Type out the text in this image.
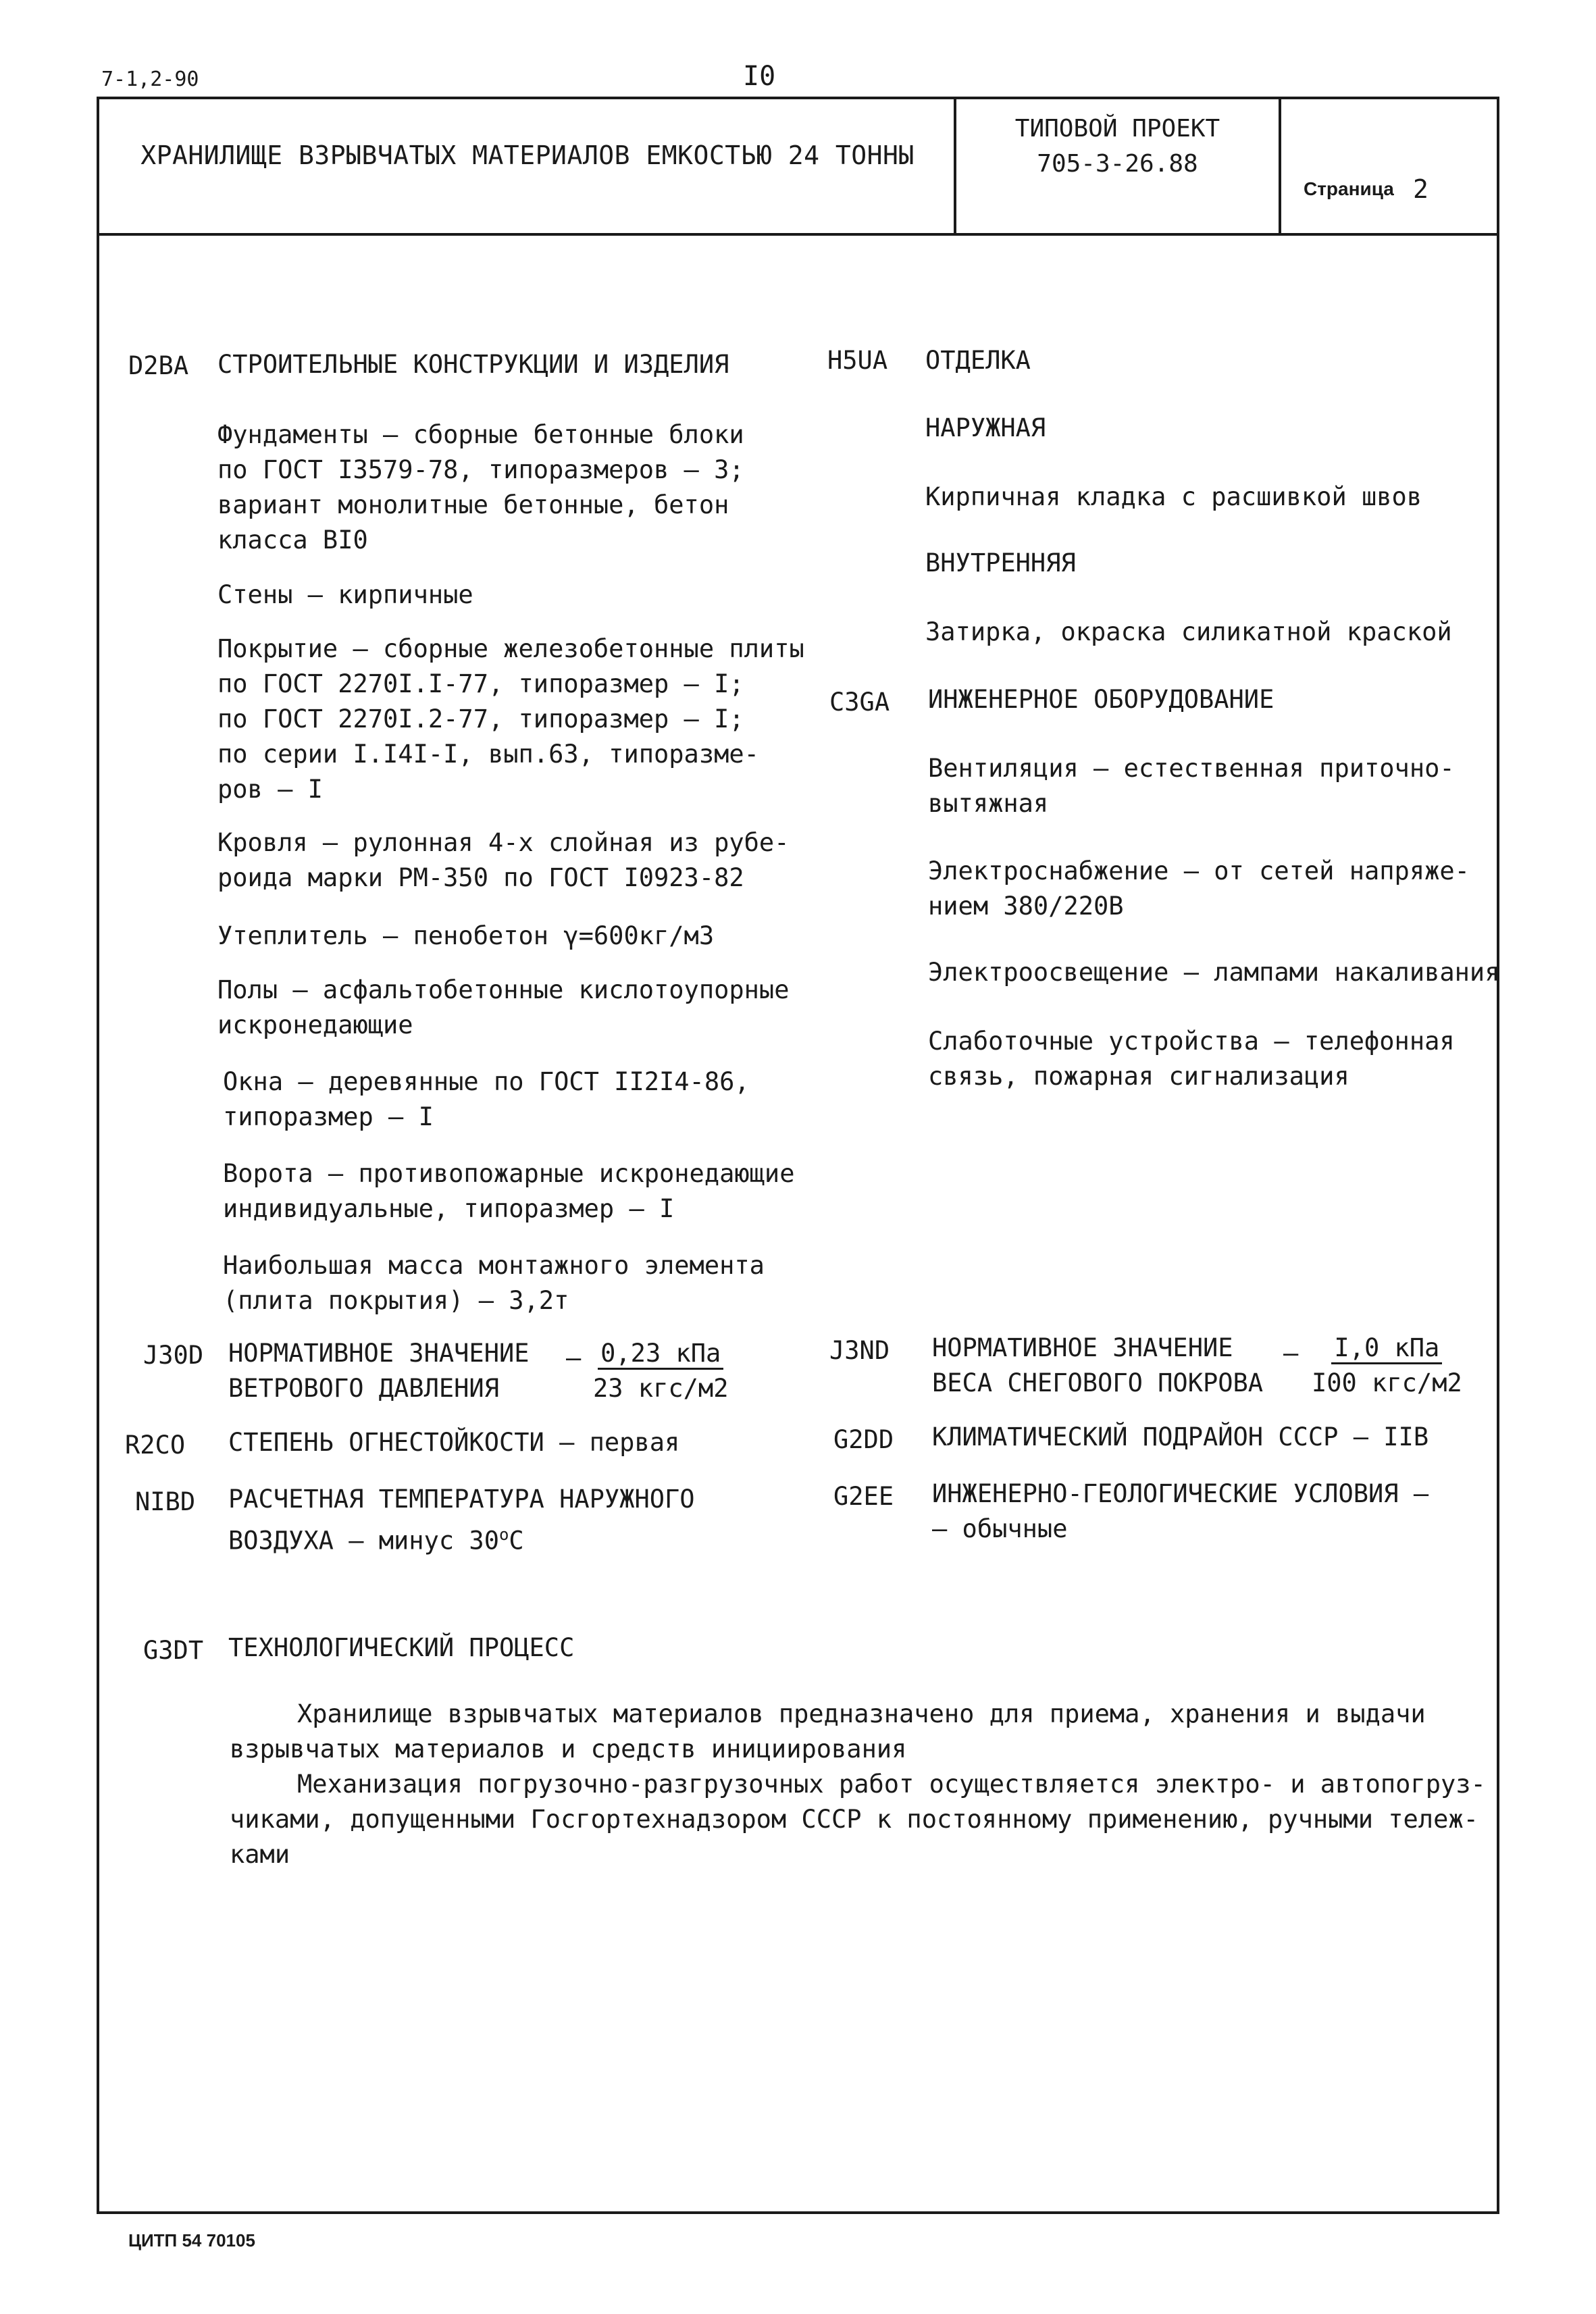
7-1,2-90	I0
ХРАНИЛИЩЕ ВЗРЫВЧАТЫХ МАТЕРИАЛОВ ЕМКОСТЬЮ 24 ТОННЫ
ТИПОВОЙ ПРОЕКТ
705-3-26.88
Страница 2
D2BA СТРОИТЕЛЬНЫЕ КОНСТРУКЦИИ И ИЗДЕЛИЯ
Фундаменты – сборные бетонные блоки
по ГОСТ I3579-78, типоразмеров – 3;
вариант монолитные бетонные, бетон
класса BI0
Стены – кирпичные
Покрытие – сборные железобетонные плиты
по ГОСТ 2270I.I-77, типоразмер – I;
по ГОСТ 2270I.2-77, типоразмер – I;
по серии I.I4I-I, вып.63, типоразме-
ров – I
Кровля – рулонная 4-х слойная из рубе-
роида марки РМ-350 по ГОСТ I0923-82
Утеплитель – пенобетон γ=600кг/м3
Полы – асфальтобетонные кислотоупорные
искронедающие
Окна – деревянные по ГОСТ II2I4-86,
типоразмер – I
Ворота – противопожарные искронедающие
индивидуальные, типоразмер – I
Наибольшая масса монтажного элемента
(плита покрытия) – 3,2т
H5UA ОТДЕЛКА
НАРУЖНАЯ
Кирпичная кладка с расшивкой швов
ВНУТРЕННЯЯ
Затирка, окраска силикатной краской
C3GA ИНЖЕНЕРНОЕ ОБОРУДОВАНИЕ
Вентиляция – естественная приточно-
вытяжная
Электроснабжение – от сетей напряже-
нием 380/220В
Электроосвещение – лампами накаливания
Слаботочные устройства – телефонная
связь, пожарная сигнализация
J30D НОРМАТИВНОЕ ЗНАЧЕНИЕ
ВЕТРОВОГО ДАВЛЕНИЯ
– 0,23 кПа
23 кгс/м2
R2CO СТЕПЕНЬ ОГНЕСТОЙКОСТИ – первая
NIBD РАСЧЕТНАЯ ТЕМПЕРАТУРА НАРУЖНОГО
ВОЗДУХА – минус $30^оС$
J3ND НОРМАТИВНОЕ ЗНАЧЕНИЕ
ВЕСА СНЕГОВОГО ПОКРОВА
–	I,0 кПа
I00 кгс/м2
G2DD КЛИМАТИЧЕСКИЙ ПОДРАЙОН СССР – IIВ
G2EE ИНЖЕНЕРНО-ГЕОЛОГИЧЕСКИЕ УСЛОВИЯ –
– обычные
G3DT ТЕХНОЛОГИЧЕСКИЙ ПРОЦЕСС
Хранилище взрывчатых материалов предназначено для приема, хранения и выдачи
взрывчатых материалов и средств инициирования
Механизация погрузочно-разгрузочных работ осуществляется электро- и автопогруз-
чиками, допущенными Госгортехнадзором СССР к постоянному применению, ручными тележ-
ками
ЦИТП 54 70105
